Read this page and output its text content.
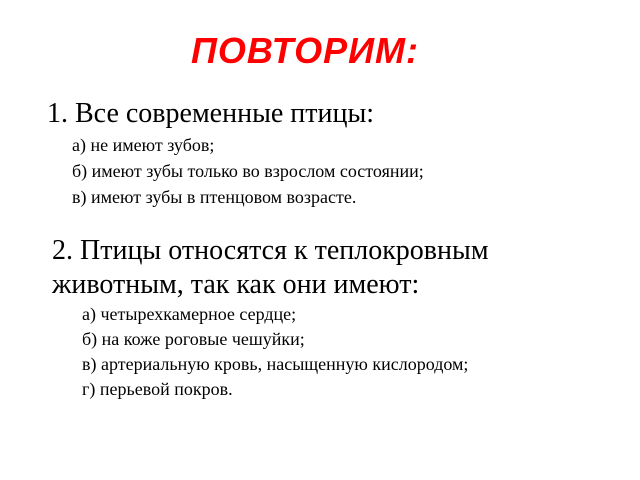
ПОВТОРИМ:
1. Все современные птицы:
а) не имеют зубов;
б) имеют зубы только во взрослом состоянии;
в) имеют зубы в птенцовом возрасте.
2. Птицы относятся к теплокровным
животным, так как они имеют:
а) четырехкамерное сердце;
б) на коже роговые чешуйки;
в) артериальную кровь, насыщенную кислородом;
г) перьевой покров.
